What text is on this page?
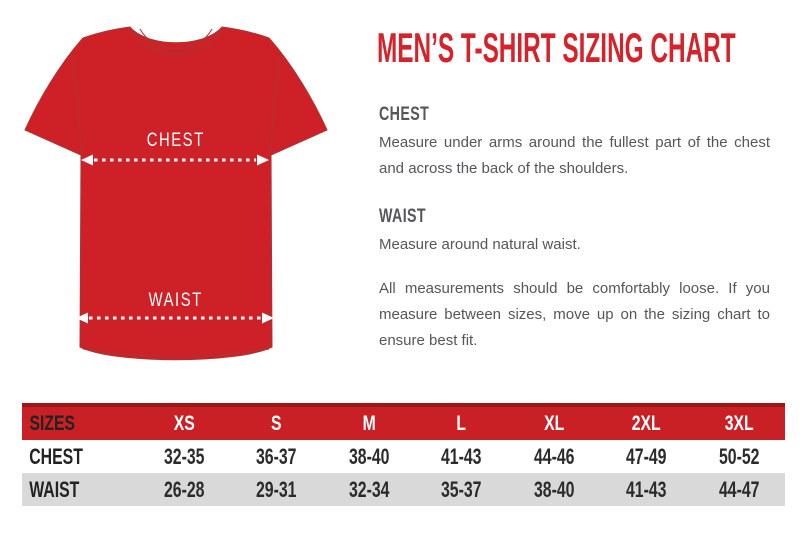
CHEST
WAIST
MEN’S T-SHIRT SIZING CHART
CHEST

Measure under arms around the fullest part of the chest and across the back of the shoulders.

WAIST

Measure around natural waist.

All measurements should be comfortably loose. If you measure between sizes, move up on the sizing chart to ensure best fit.

SIZES	XS	S	M	L	XL	2XL	3XL
CHEST	32-35	36-37	38-40	41-43	44-46	47-49	50-52
WAIST	26-28	29-31	32-34	35-37	38-40	41-43	44-47
